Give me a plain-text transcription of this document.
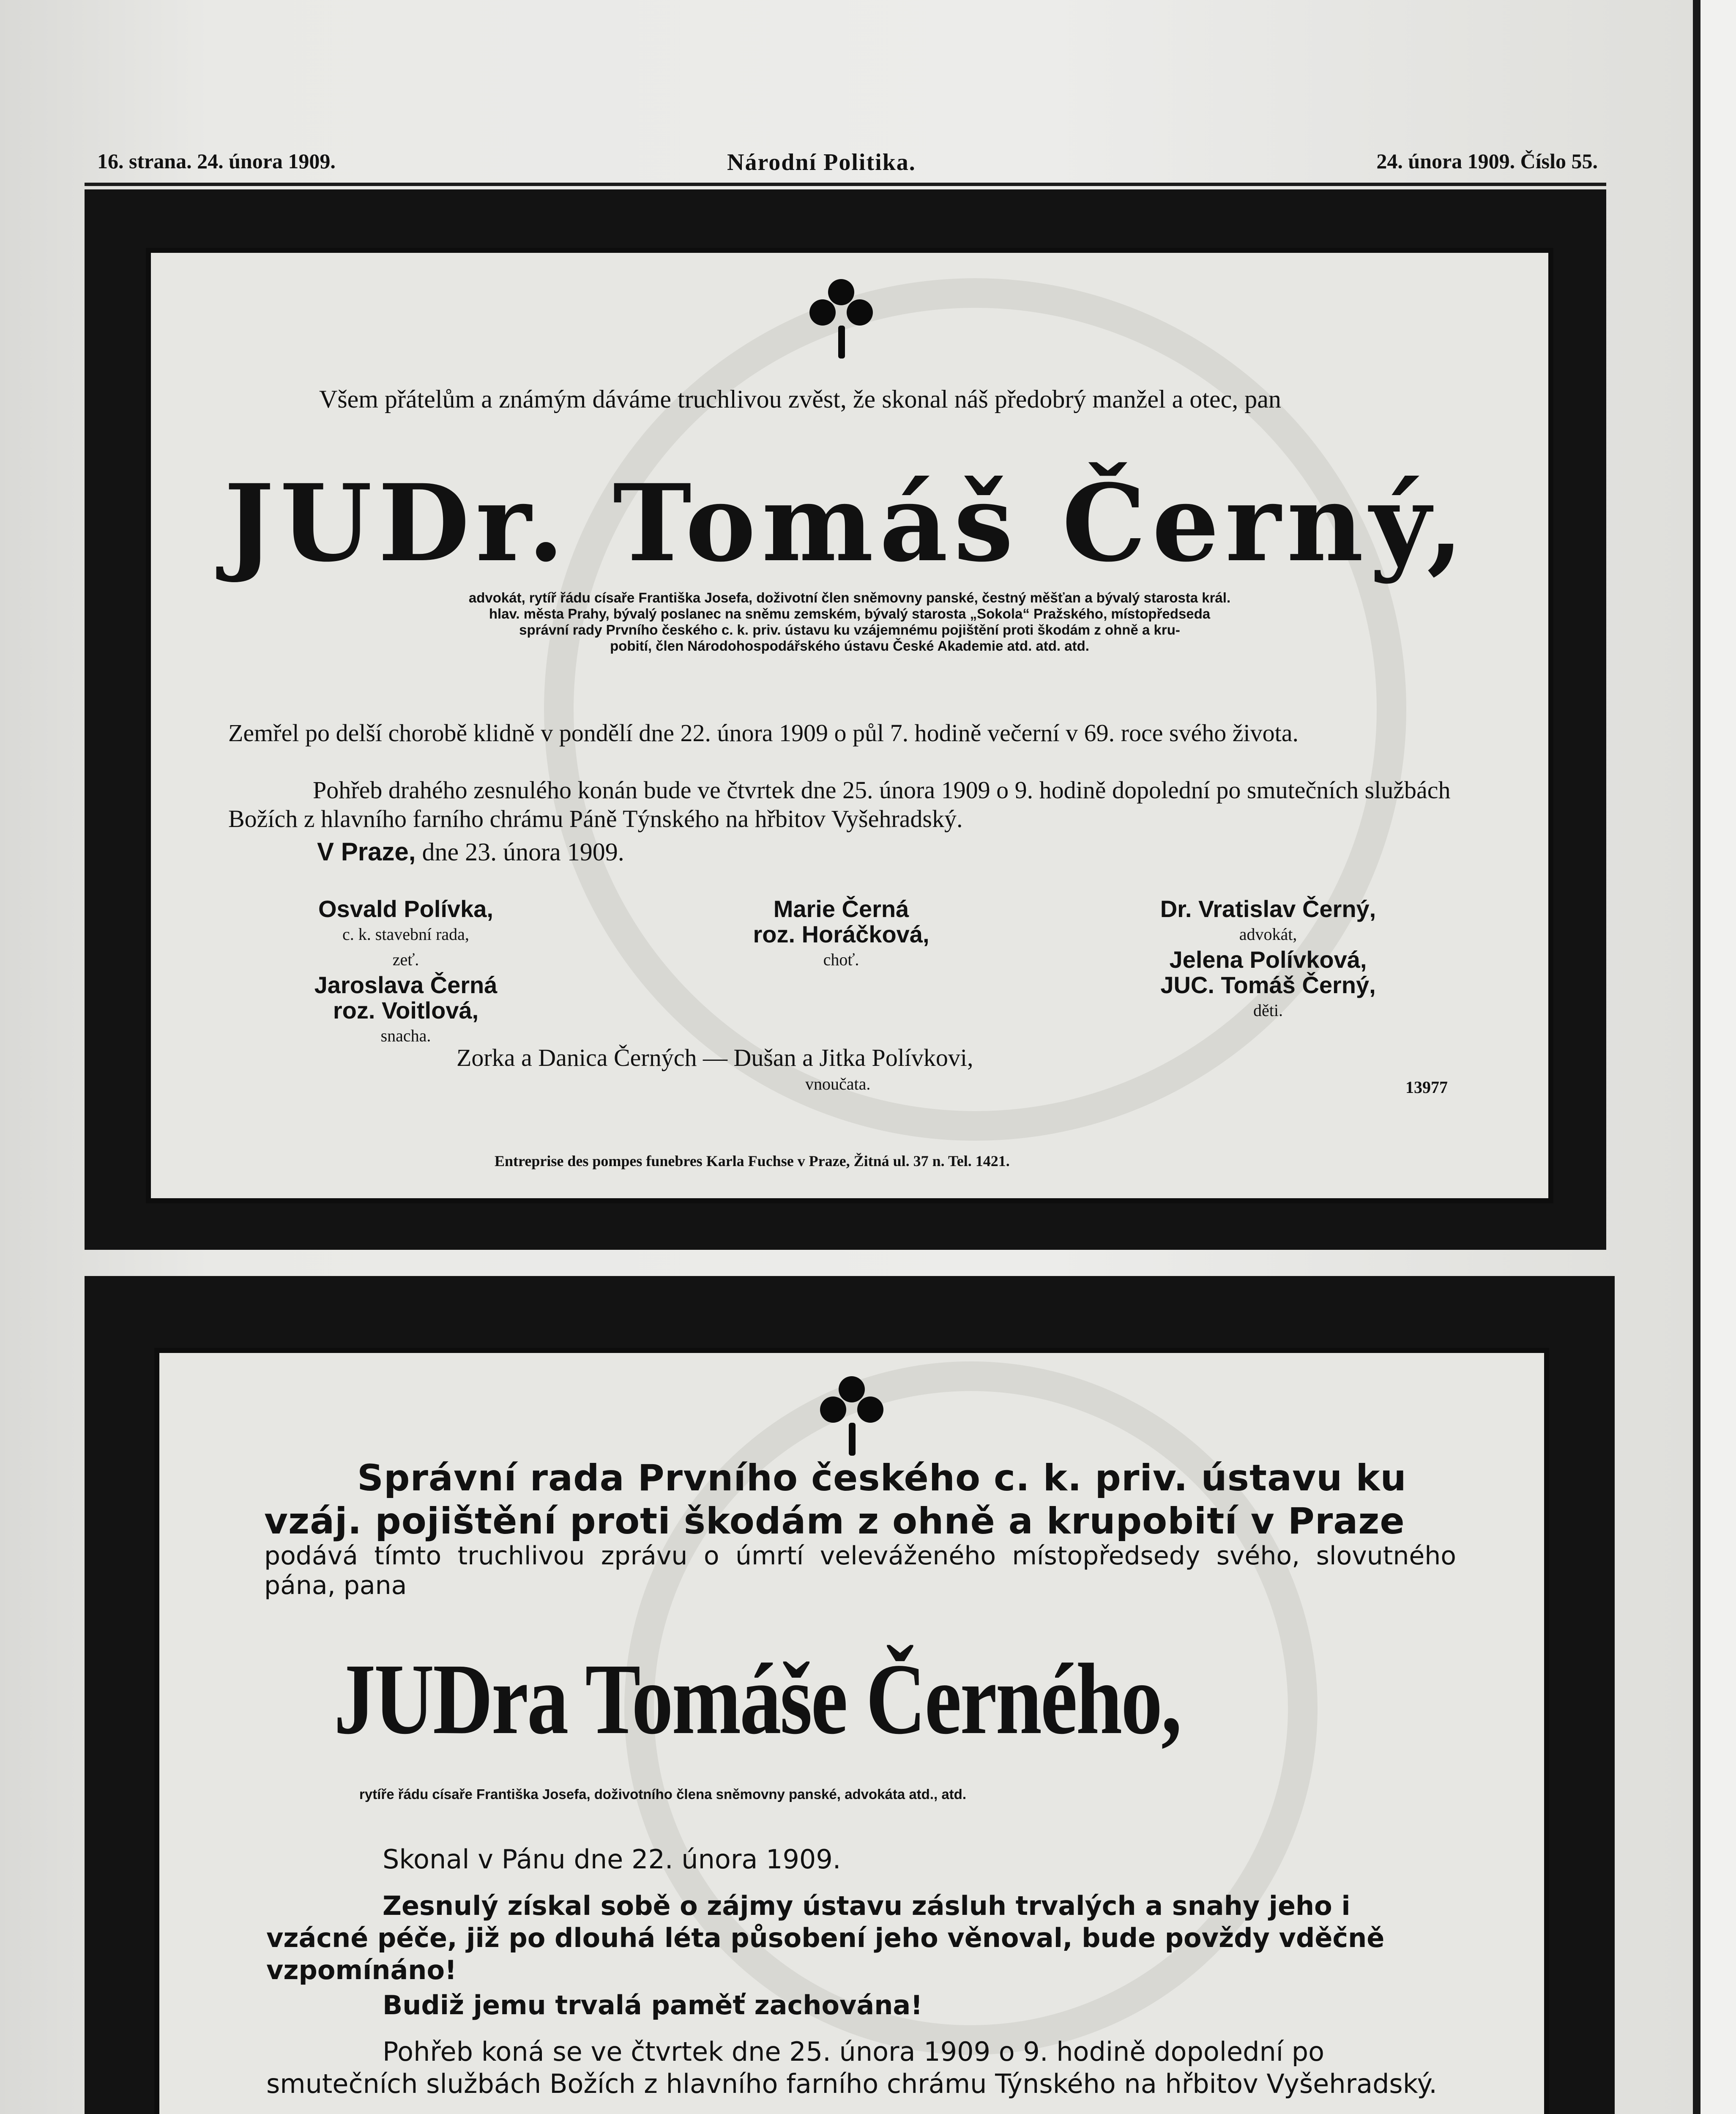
16. strana. 24. února 1909.	Národní Politika.	24. února 1909. Číslo 55.
Všem přátelům a známým dáváme truchlivou zvěst, že skonal náš předobrý manžel a otec, pan
JUDr. Tomáš Černý,
advokát, rytíř řádu císaře Františka Josefa, doživotní člen sněmovny panské, čestný měšťan a bývalý starosta král.
hlav. města Prahy, bývalý poslanec na sněmu zemském, bývalý starosta „Sokola“ Pražského, místopředseda
správní rady Prvního českého c. k. priv. ústavu ku vzájemnému pojištění proti škodám z ohně a kru-
pobití, člen Národohospodářského ústavu České Akademie atd. atd. atd.
Zemřel po delší chorobě klidně v pondělí dne 22. února 1909 o půl 7. hodině večerní v 69. roce svého života.
Pohřeb drahého zesnulého konán bude ve čtvrtek dne 25. února 1909 o 9. hodině dopolední po smutečních službách Božích z hlavního farního chrámu Páně Týnského na hřbitov Vyšehradský.
V Praze, dne 23. února 1909.
Osvald Polívka,
c. k. stavební rada,
zeť.
Jaroslava Černá
roz. Voitlová,
snacha.
Marie Černá
roz. Horáčková,
choť.
Dr. Vratislav Černý,
advokát,
Jelena Polívková,
JUC. Tomáš Černý,
děti.
Zorka a Danica Černých — Dušan a Jitka Polívkovi,
vnoučata.	13977
Entreprise des pompes funebres Karla Fuchse v Praze, Žitná ul. 37 n. Tel. 1421.
Správní rada Prvního českého c. k. priv. ústavu ku
vzáj. pojištění proti škodám z ohně a krupobití v Praze
podává tímto truchlivou zprávu o úmrtí veleváženého místopředsedy svého, slovutného pána, pana
JUDra Tomáše Černého,
rytíře řádu císaře Františka Josefa, doživotního člena sněmovny panské, advokáta atd., atd.
Skonal v Pánu dne 22. února 1909.
Zesnulý získal sobě o zájmy ústavu zásluh trvalých a snahy jeho i vzácné péče, již po dlouhá léta působení jeho věnoval, bude povždy vděčně vzpomínáno!
Budiž jemu trvalá paměť zachována!
Pohřeb koná se ve čtvrtek dne 25. února 1909 o 9. hodině dopolední po smutečních službách Božích z hlavního farního chrámu Týnského na hřbitov Vyšehradský.
